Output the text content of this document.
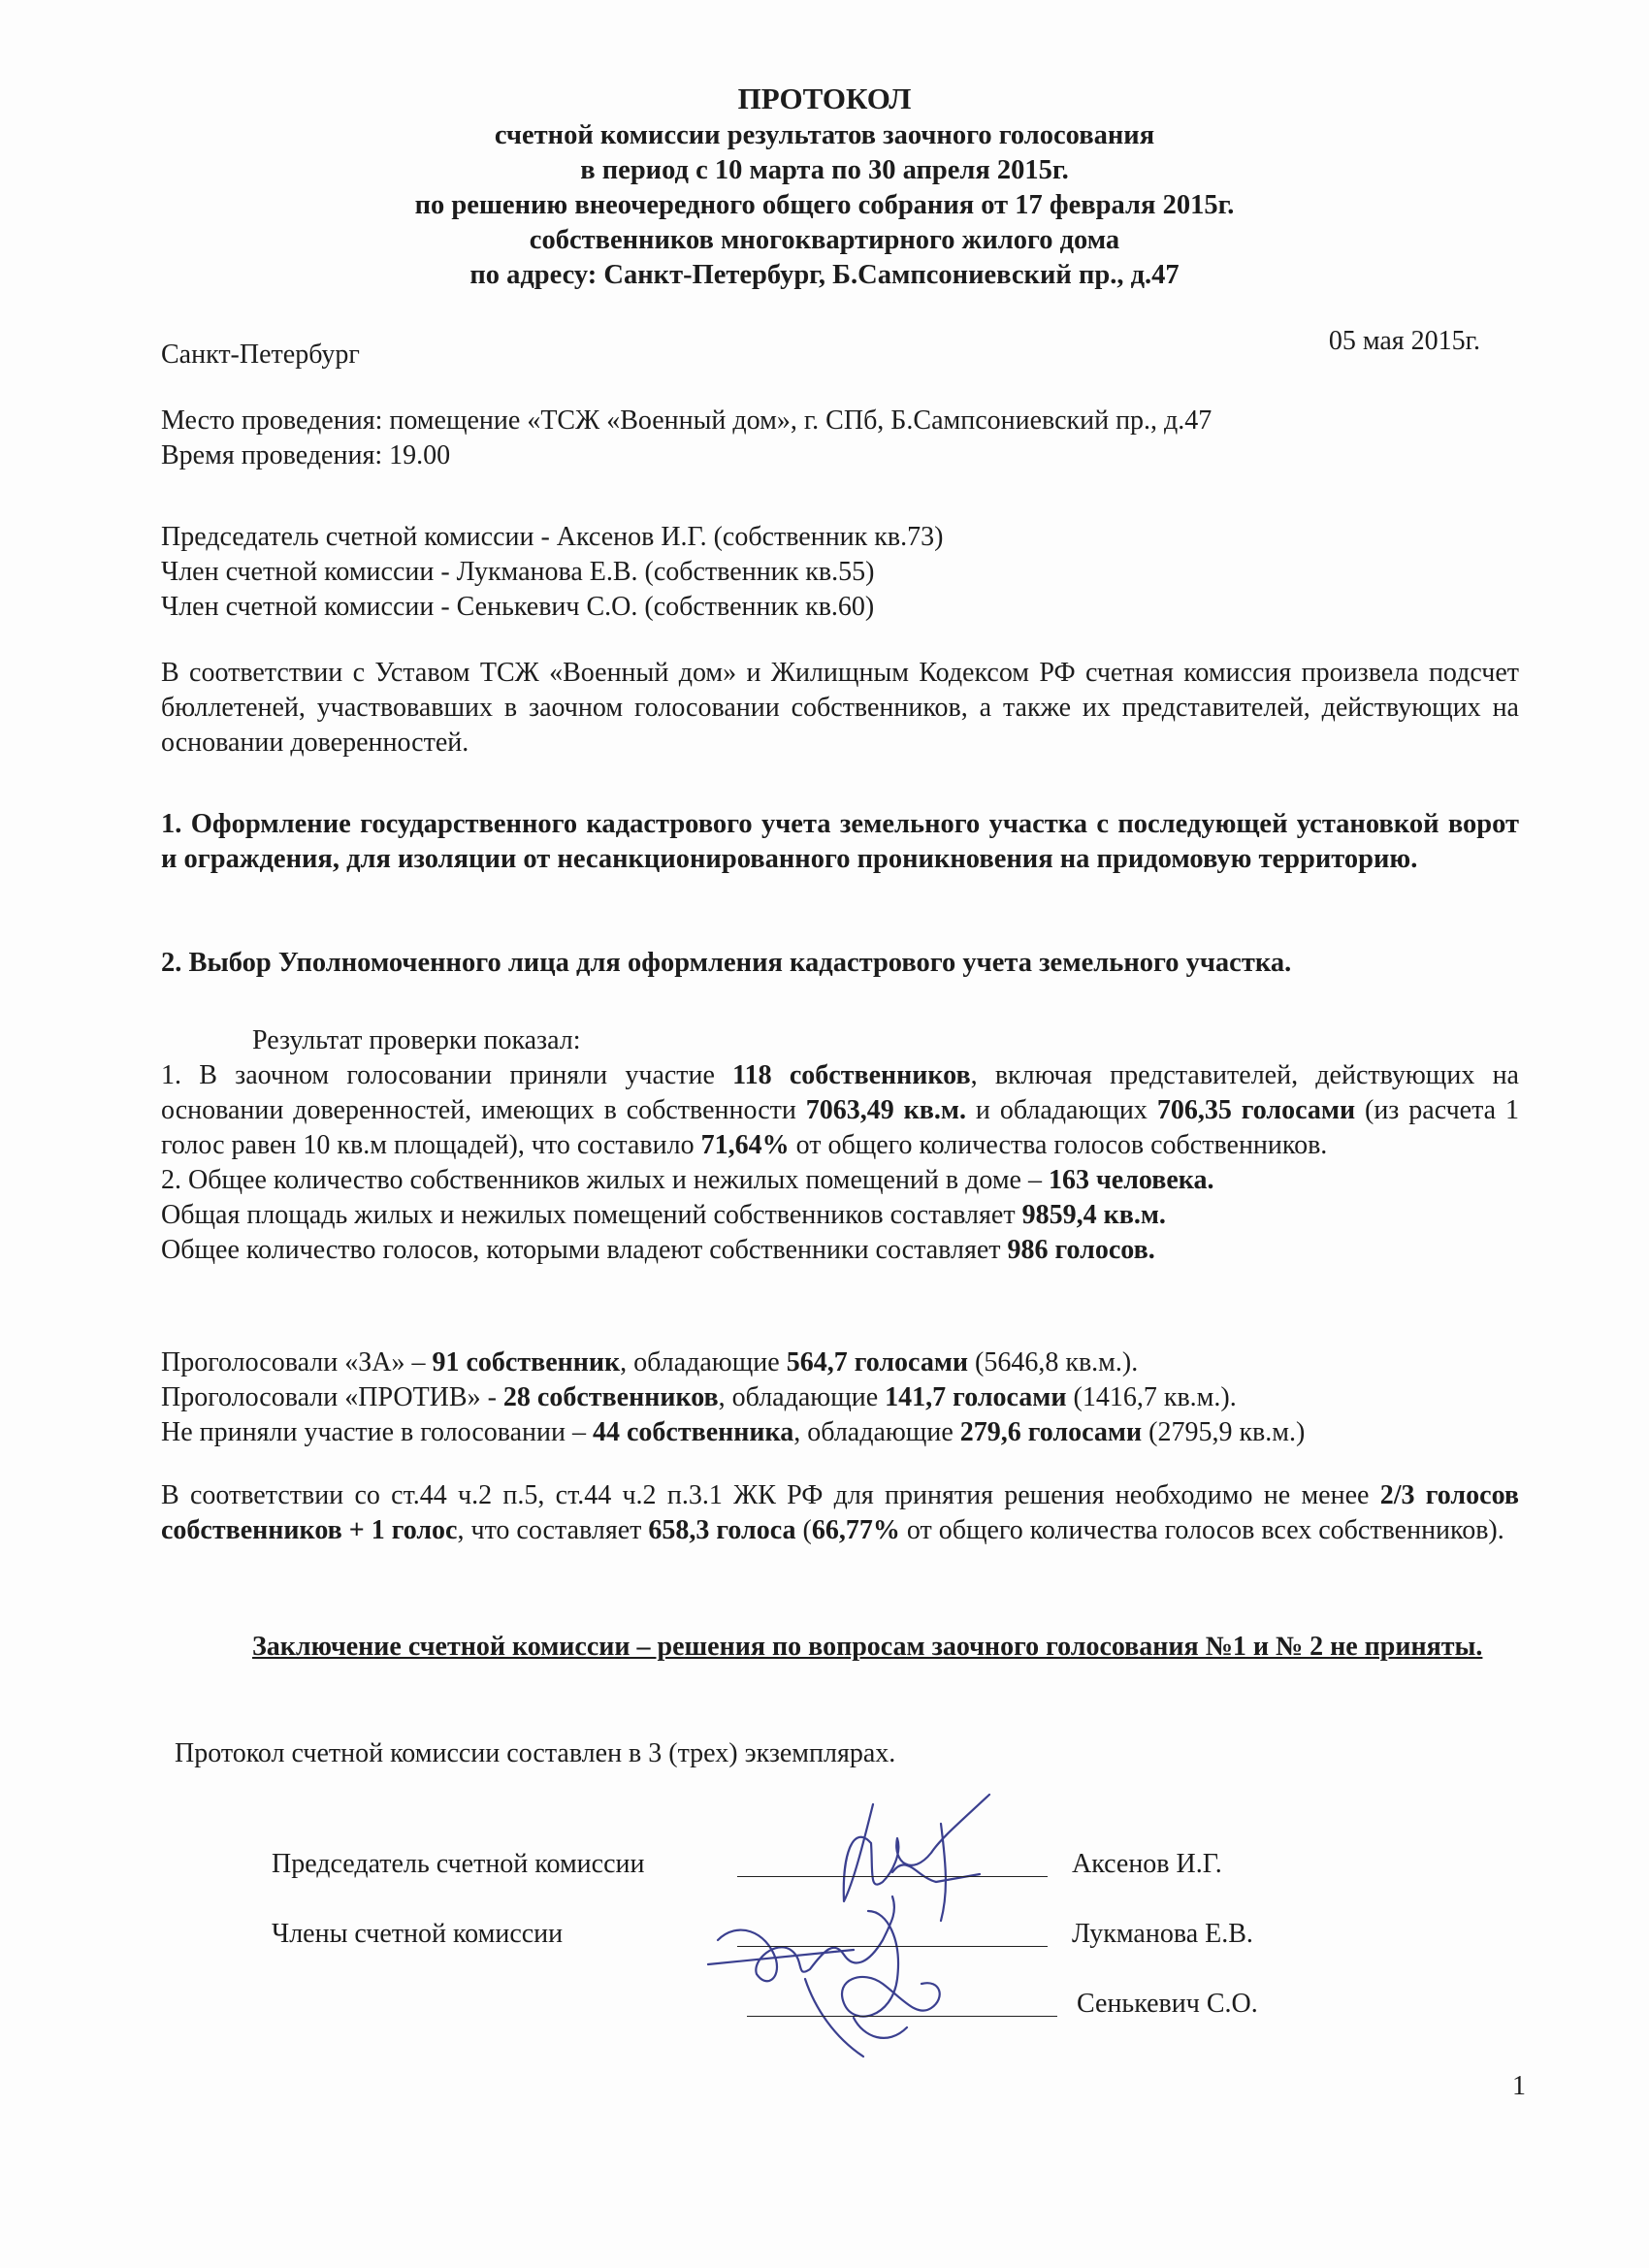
ПРОТОКОЛ
счетной комиссии результатов заочного голосования
в период с 10 марта по 30 апреля 2015г.
по решению внеочередного общего собрания от 17 февраля 2015г.
собственников многоквартирного жилого дома
по адресу: Санкт-Петербург, Б.Сампсониевский пр., д.47
Санкт-Петербург	05 мая 2015г.
Место проведения: помещение «ТСЖ «Военный дом», г. СПб, Б.Сампсониевский пр., д.47
Время проведения: 19.00
Председатель счетной комиссии - Аксенов И.Г. (собственник кв.73)
Член счетной комиссии - Лукманова Е.В. (собственник кв.55)
Член счетной комиссии - Сенькевич С.О. (собственник кв.60)
В соответствии с Уставом ТСЖ «Военный дом» и Жилищным Кодексом РФ счетная комиссия произвела подсчет бюллетеней, участвовавших в заочном голосовании собственников, а также их представителей, действующих на основании доверенностей.
1. Оформление государственного кадастрового учета земельного участка с последующей установкой ворот и ограждения, для изоляции от несанкционированного проникновения на придомовую территорию.
2. Выбор Уполномоченного лица для оформления кадастрового учета земельного участка.
Результат проверки показал:
1. В заочном голосовании приняли участие 118 собственников, включая представителей, действующих на основании доверенностей, имеющих в собственности 7063,49 кв.м. и обладающих 706,35 голосами (из расчета 1 голос равен 10 кв.м площадей), что составило 71,64% от общего количества голосов собственников.
2. Общее количество собственников жилых и нежилых помещений в доме – 163 человека.
Общая площадь жилых и нежилых помещений собственников составляет 9859,4 кв.м.
Общее количество голосов, которыми владеют собственники составляет 986 голосов.
Проголосовали «ЗА» – 91 собственник, обладающие 564,7 голосами (5646,8 кв.м.).
Проголосовали «ПРОТИВ» - 28 собственников, обладающие 141,7 голосами (1416,7 кв.м.).
Не приняли участие в голосовании – 44 собственника, обладающие 279,6 голосами (2795,9 кв.м.)
В соответствии со ст.44 ч.2 п.5, ст.44 ч.2 п.3.1 ЖК РФ для принятия решения необходимо не менее 2/3 голосов собственников + 1 голос, что составляет 658,3 голоса (66,77% от общего количества голосов всех собственников).
Заключение счетной комиссии – решения по вопросам заочного голосования №1 и № 2 не приняты.
Протокол счетной комиссии составлен в 3 (трех) экземплярах.
Председатель счетной комиссии	Аксенов И.Г.
Члены счетной комиссии	Лукманова Е.В.
Сенькевич С.О.
1
